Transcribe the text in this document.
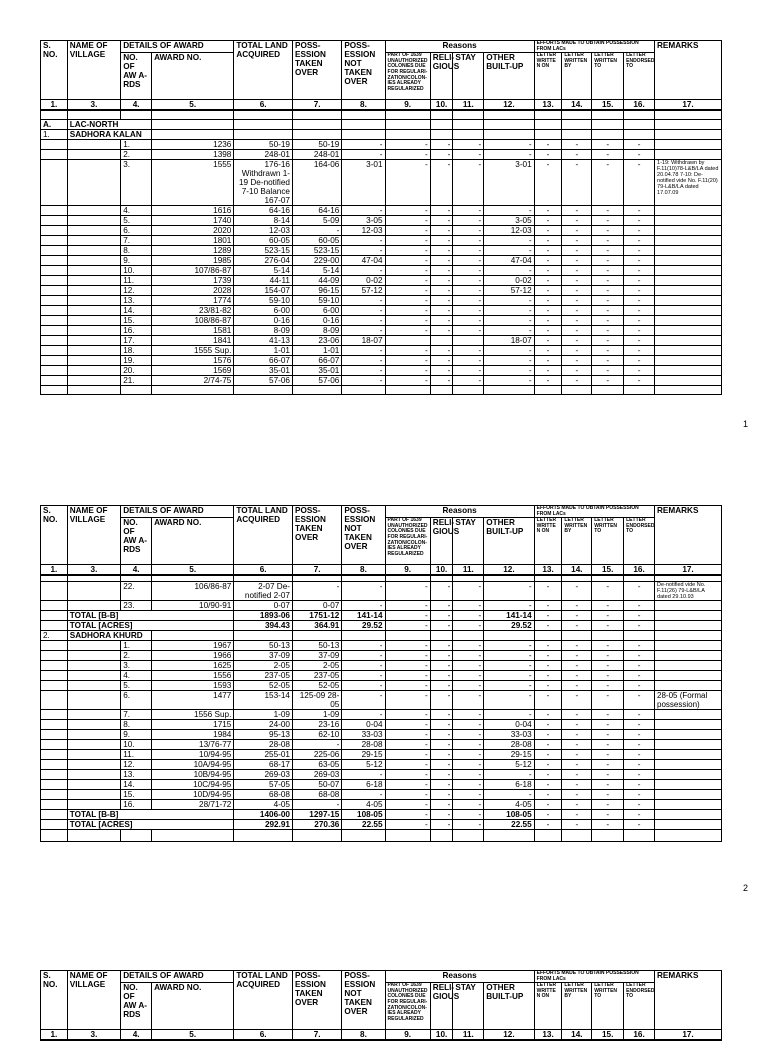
S. NO.	NAME OF VILLAGE	DETAILS OF AWARD		TOTAL LAND ACQUIRED	POSS- ESSION TAKEN OVER	POSS- ESSION NOT TAKEN OVER	Reasons				EFFORTS MADE TO OBTAIN POSSESSION FROM LACs				REMARKS
		NO. OF AW A- RDS	AWARD NO.				PART OF 1639 UNAUTHORIZED COLONIES DUE FOR REGULARI- ZATION/COLON- IES ALREADY REGULARIZED	RELI- GIOUS	STAY	OTHER BUILT-UP	LETTER WRITTE N ON	LETTER WRITTEN BY	LETTER WRITTEN TO	LETTER ENDORSED TO	

1.	3.	4.	5.	6.	7.	8.	9.	10.	11.	12.	13.	14.	15.	16.	17.

A.	LAC-NORTH														
1.	SADHORA KALAN														
		1.	1236	50-19	50-19	-	-	-	-	-	-	-	-	-	
		2.	1398	248-01	248-01	-	-	-	-	-	-	-	-	-	
		3.	1555	176-16 Withdrawn 1-19 De-notified 7-10 Balance 167-07	164-06	3-01	-	-	-	3-01	-	-	-	-	1-19: Withdrawn by F.11(10)78-L&B/LA dated 20.04.78 7-10: De-notified vide No. F.11(20) 79-L&B/LA dated 17.07.09
		4.	1616	64-16	64-16	-	-	-	-	-	-	-	-	-	
		5.	1740	8-14	5-09	3-05	-	-	-	3-05	-	-	-	-	
		6.	2020	12-03	-	12-03	-	-	-	12-03	-	-	-	-	
		7.	1801	60-05	60-05	-	-	-	-	-	-	-	-	-	
		8.	1289	523-15	523-15	-	-	-	-	-	-	-	-	-	
		9.	1985	276-04	229-00	47-04	-	-	-	47-04	-	-	-	-	
		10.	107/86-87	5-14	5-14	-	-	-	-	-	-	-	-	-	
		11.	1739	44-11	44-09	0-02	-	-	-	0-02	-	-	-	-	
		12.	2028	154-07	96-15	57-12	-	-	-	57-12	-	-	-	-	
		13.	1774	59-10	59-10	-	-	-	-	-	-	-	-	-	
		14.	23/81-82	6-00	6-00	-	-	-	-	-	-	-	-	-	
		15.	108/86-87	0-16	0-16	-	-	-	-	-	-	-	-	-	
		16.	1581	8-09	8-09	-	-	-	-	-	-	-	-	-	
		17.	1841	41-13	23-06	18-07				18-07	-	-	-	-	
		18.	1555 Sup.	1-01	1-01	-	-	-	-	-	-	-	-	-	
		19.	1576	66-07	66-07	-	-	-	-	-	-	-	-	-	
		20.	1569	35-01	35-01	-	-	-	-	-	-	-	-	-	
		21.	2/74-75	57-06	57-06	-	-	-	-	-	-	-	-	-	

1
S. NO.	NAME OF VILLAGE	DETAILS OF AWARD		TOTAL LAND ACQUIRED	POSS- ESSION TAKEN OVER	POSS- ESSION NOT TAKEN OVER	Reasons				EFFORTS MADE TO OBTAIN POSSESSION FROM LACs				REMARKS
		NO. OF AW A- RDS	AWARD NO.				PART OF 1639 UNAUTHORIZED COLONIES DUE FOR REGULARI- ZATION/COLON- IES ALREADY REGULARIZED	RELI- GIOUS	STAY	OTHER BUILT-UP	LETTER WRITTE N ON	LETTER WRITTEN BY	LETTER WRITTEN TO	LETTER ENDORSED TO	

1.	3.	4.	5.	6.	7.	8.	9.	10.	11.	12.	13.	14.	15.	16.	17.

		22.	106/86-87	2-07 De-notified 2-07	-	-	-	-	-	-	-	-	-	-	De-notified vide No. F.11(26) 79-L&B/LA dated 29.10.93
		23.	10/90-91	0-07	0-07	-	-	-	-	-	-	-	-	-	
	TOTAL [B-B]			1893-06	1751-12	141-14	-	-	-	141-14	-	-	-	-	
	TOTAL [ACRES]			394.43	364.91	29.52	-	-	-	29.52	-	-	-	-	
2.	SADHORA KHURD														
		1.	1967	50-13	50-13	-	-	-	-	-	-	-	-	-	
		2.	1966	37-09	37-09	-	-	-	-	-	-	-	-	-	
		3.	1625	2-05	2-05	-	-	-	-	-	-	-	-	-	
		4.	1556	237-05	237-05	-	-	-	-	-	-	-	-	-	
		5.	1593	52-05	52-05	-	-	-	-	-	-	-	-	-	
		6.	1477	153-14	125-09 28-05	-	-	-	-	-	-	-	-	-	28-05 (Formal possession)
		7.	1556 Sup.	1-09	1-09	-	-	-	-	-	-	-	-	-	
		8.	1715	24-00	23-16	0-04	-	-	-	0-04	-	-	-	-	
		9.	1984	95-13	62-10	33-03	-	-	-	33-03	-	-	-	-	
		10.	13/76-77	28-08	-	28-08	-	-	-	28-08	-	-	-	-	
		11.	10/94-95	255-01	225-06	29-15	-	-	-	29-15	-	-	-	-	
		12.	10A/94-95	68-17	63-05	5-12	-	-	-	5-12	-	-	-	-	
		13.	10B/94-95	269-03	269-03	-	-	-	-	-	-	-	-	-	
		14.	10C/94-95	57-05	50-07	6-18	-	-	-	6-18	-	-	-	-	
		15.	10D/94-95	68-08	68-08	-	-	-	-	-	-	-	-	-	
		16.	28/71-72	4-05	-	4-05	-	-	-	4-05	-	-	-	-	
	TOTAL [B-B]			1406-00	1297-15	108-05	-	-	-	108-05	-	-	-	-	
	TOTAL [ACRES]			292.91	270.36	22.55	-	-	-	22.55	-	-	-	-	

2
S. NO.	NAME OF VILLAGE	DETAILS OF AWARD		TOTAL LAND ACQUIRED	POSS- ESSION TAKEN OVER	POSS- ESSION NOT TAKEN OVER	Reasons				EFFORTS MADE TO OBTAIN POSSESSION FROM LACs				REMARKS
		NO. OF AW A- RDS	AWARD NO.				PART OF 1639 UNAUTHORIZED COLONIES DUE FOR REGULARI- ZATION/COLON- IES ALREADY REGULARIZED	RELI- GIOUS	STAY	OTHER BUILT-UP	LETTER WRITTE N ON	LETTER WRITTEN BY	LETTER WRITTEN TO	LETTER ENDORSED TO	

1.	3.	4.	5.	6.	7.	8.	9.	10.	11.	12.	13.	14.	15.	16.	17.
